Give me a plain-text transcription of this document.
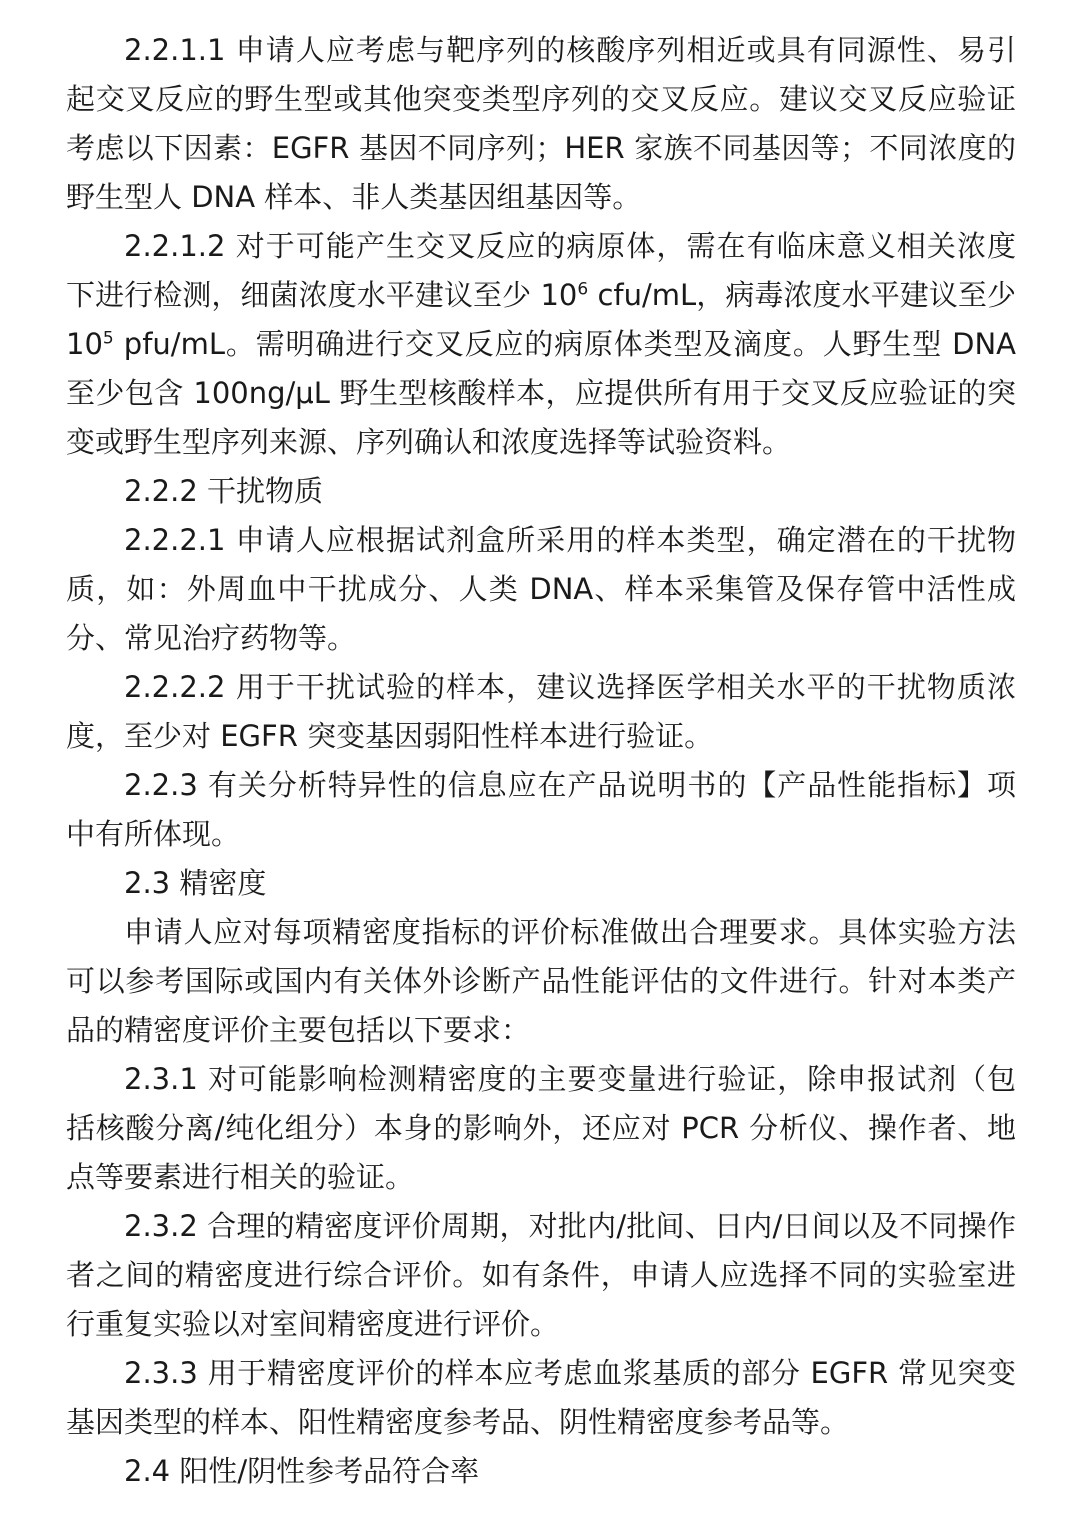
2.2.1.1 申请人应考虑与靶序列的核酸序列相近或具有同源性、易引起交叉反应的野生型或其他突变类型序列的交叉反应。建议交叉反应验证考虑以下因素：EGFR 基因不同序列；HER 家族不同基因等；不同浓度的野生型人 DNA 样本、非人类基因组基因等。

2.2.1.2 对于可能产生交叉反应的病原体，需在有临床意义相关浓度下进行检测，细菌浓度水平建议至少 $10^6$ cfu/mL，病毒浓度水平建议至少 $10^5$ pfu/mL。需明确进行交叉反应的病原体类型及滴度。人野生型 DNA 至少包含 100ng/μL 野生型核酸样本，应提供所有用于交叉反应验证的突变或野生型序列来源、序列确认和浓度选择等试验资料。

2.2.2 干扰物质

2.2.2.1 申请人应根据试剂盒所采用的样本类型，确定潜在的干扰物质，如：外周血中干扰成分、人类 DNA、样本采集管及保存管中活性成分、常见治疗药物等。

2.2.2.2 用于干扰试验的样本，建议选择医学相关水平的干扰物质浓度，至少对 EGFR 突变基因弱阳性样本进行验证。

2.2.3 有关分析特异性的信息应在产品说明书的【产品性能指标】项中有所体现。

2.3 精密度

申请人应对每项精密度指标的评价标准做出合理要求。具体实验方法可以参考国际或国内有关体外诊断产品性能评估的文件进行。针对本类产品的精密度评价主要包括以下要求：

2.3.1 对可能影响检测精密度的主要变量进行验证，除申报试剂（包括核酸分离/纯化组分）本身的影响外，还应对 PCR 分析仪、操作者、地点等要素进行相关的验证。

2.3.2 合理的精密度评价周期，对批内/批间、日内/日间以及不同操作者之间的精密度进行综合评价。如有条件，申请人应选择不同的实验室进行重复实验以对室间精密度进行评价。

2.3.3 用于精密度评价的样本应考虑血浆基质的部分 EGFR 常见突变基因类型的样本、阳性精密度参考品、阴性精密度参考品等。

2.4 阳性/阴性参考品符合率
